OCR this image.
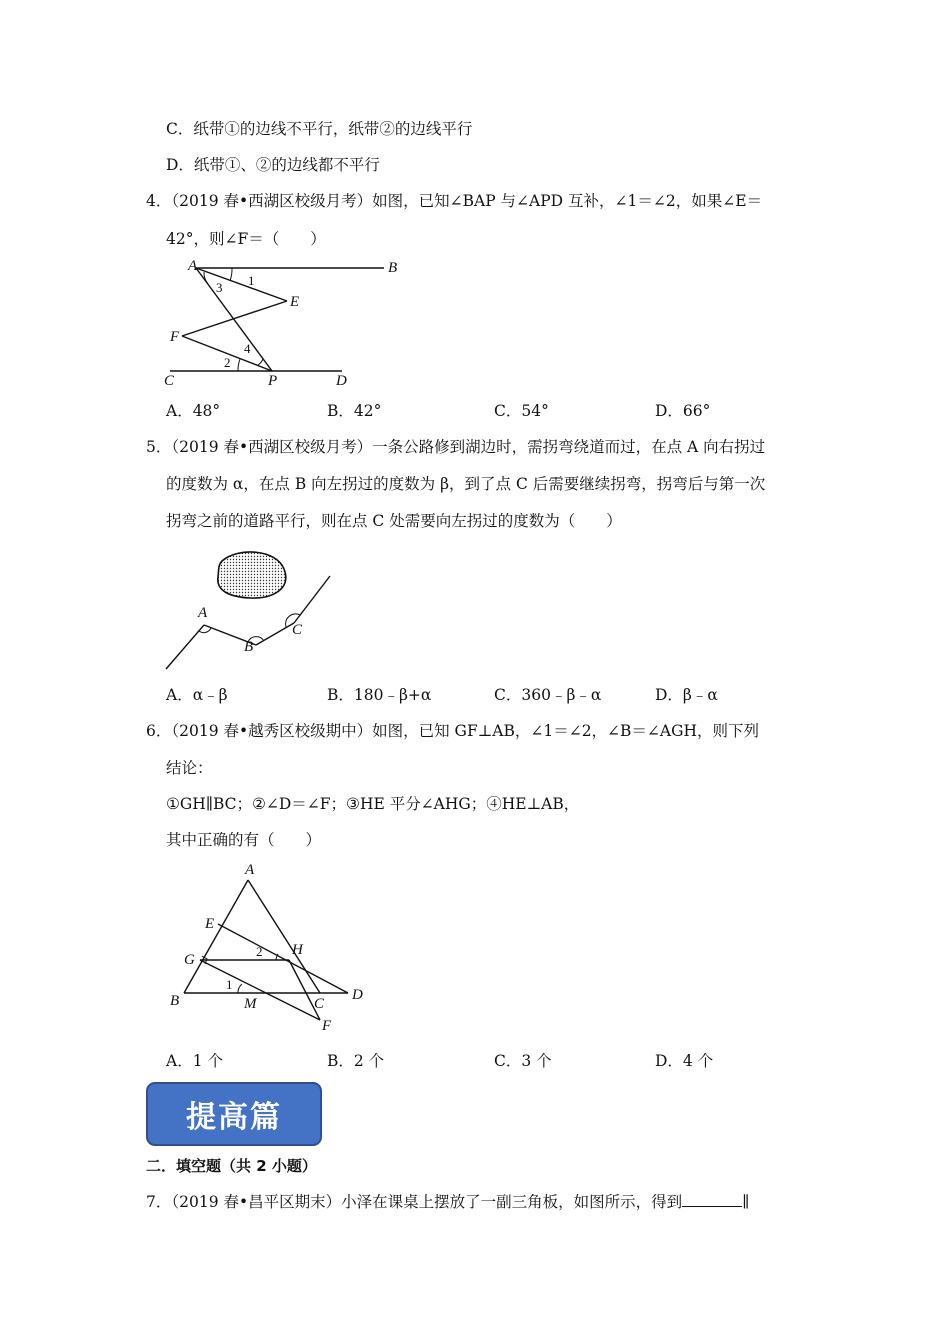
C．纸带①的边线不平行，纸带②的边线平行
D．纸带①、②的边线都不平行
4．（2019 春•西湖区校级月考）如图，已知∠BAP 与∠APD 互补，∠1＝∠2，如果∠E＝
42°，则∠F＝（　　）
A	B
C	D
E
F
P
1
2
3
4
A．48°	B．42°	C．54°	D．66°
5．（2019 春•西湖区校级月考）一条公路修到湖边时，需拐弯绕道而过，在点 A 向右拐过
的度数为 α，在点 B 向左拐过的度数为 β，到了点 C 后需要继续拐弯，拐弯后与第一次
拐弯之前的道路平行，则在点 C 处需要向左拐过的度数为（　　）
A
B
C
A．α﹣β	B．180﹣β+α	C．360﹣β﹣α	D．β﹣α
6．（2019 春•越秀区校级期中）如图，已知 GF⊥AB，∠1＝∠2，∠B＝∠AGH，则下列
结论：
①GH∥BC；②∠D＝∠F；③HE 平分∠AHG；④HE⊥AB，
其中正确的有（　　）
A
B	C
D
E
F
G
H
M
1
2
A．1 个	B．2 个	C．3 个	D．4 个
提高篇
二．填空题（共 2 小题）
7．（2019 春•昌平区期末）小泽在课桌上摆放了一副三角板，如图所示，得到	∥
